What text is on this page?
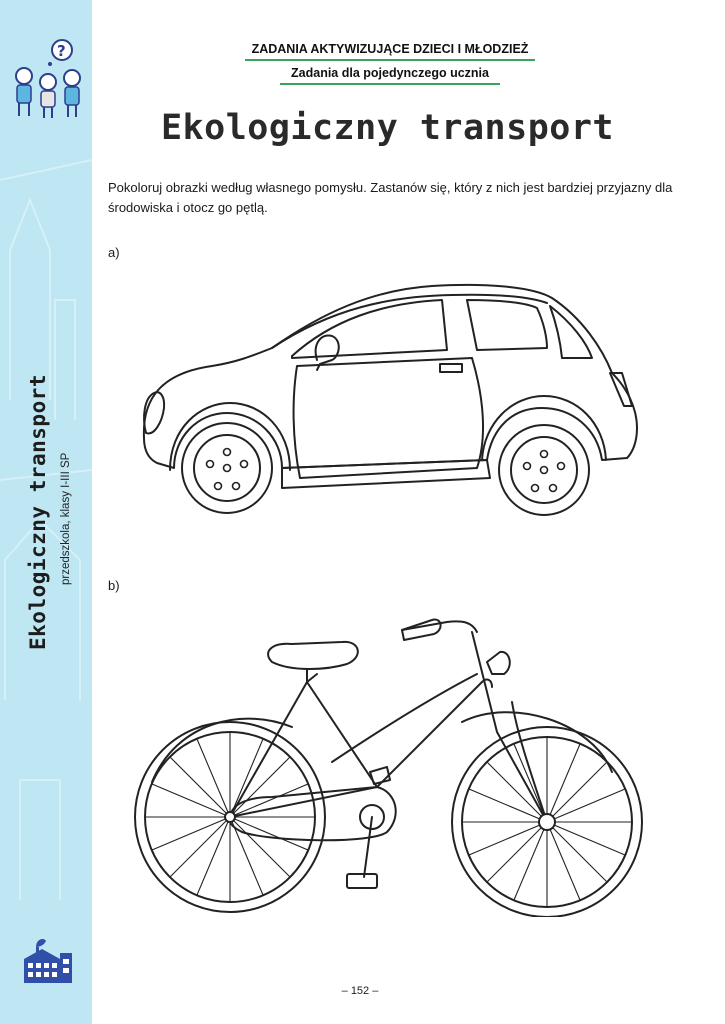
?
Ekologiczny transport przedszkola, klasy I-III SP
ZADANIA AKTYWIZUJĄCE DZIECI I MŁODZIEŻ
Zadania dla pojedynczego ucznia
Ekologiczny transport
Pokoloruj obrazki według własnego pomysłu. Zastanów się, który z nich jest bardziej przyjazny dla środowiska i otocz go pętlą.
a)
b)
– 152 –
